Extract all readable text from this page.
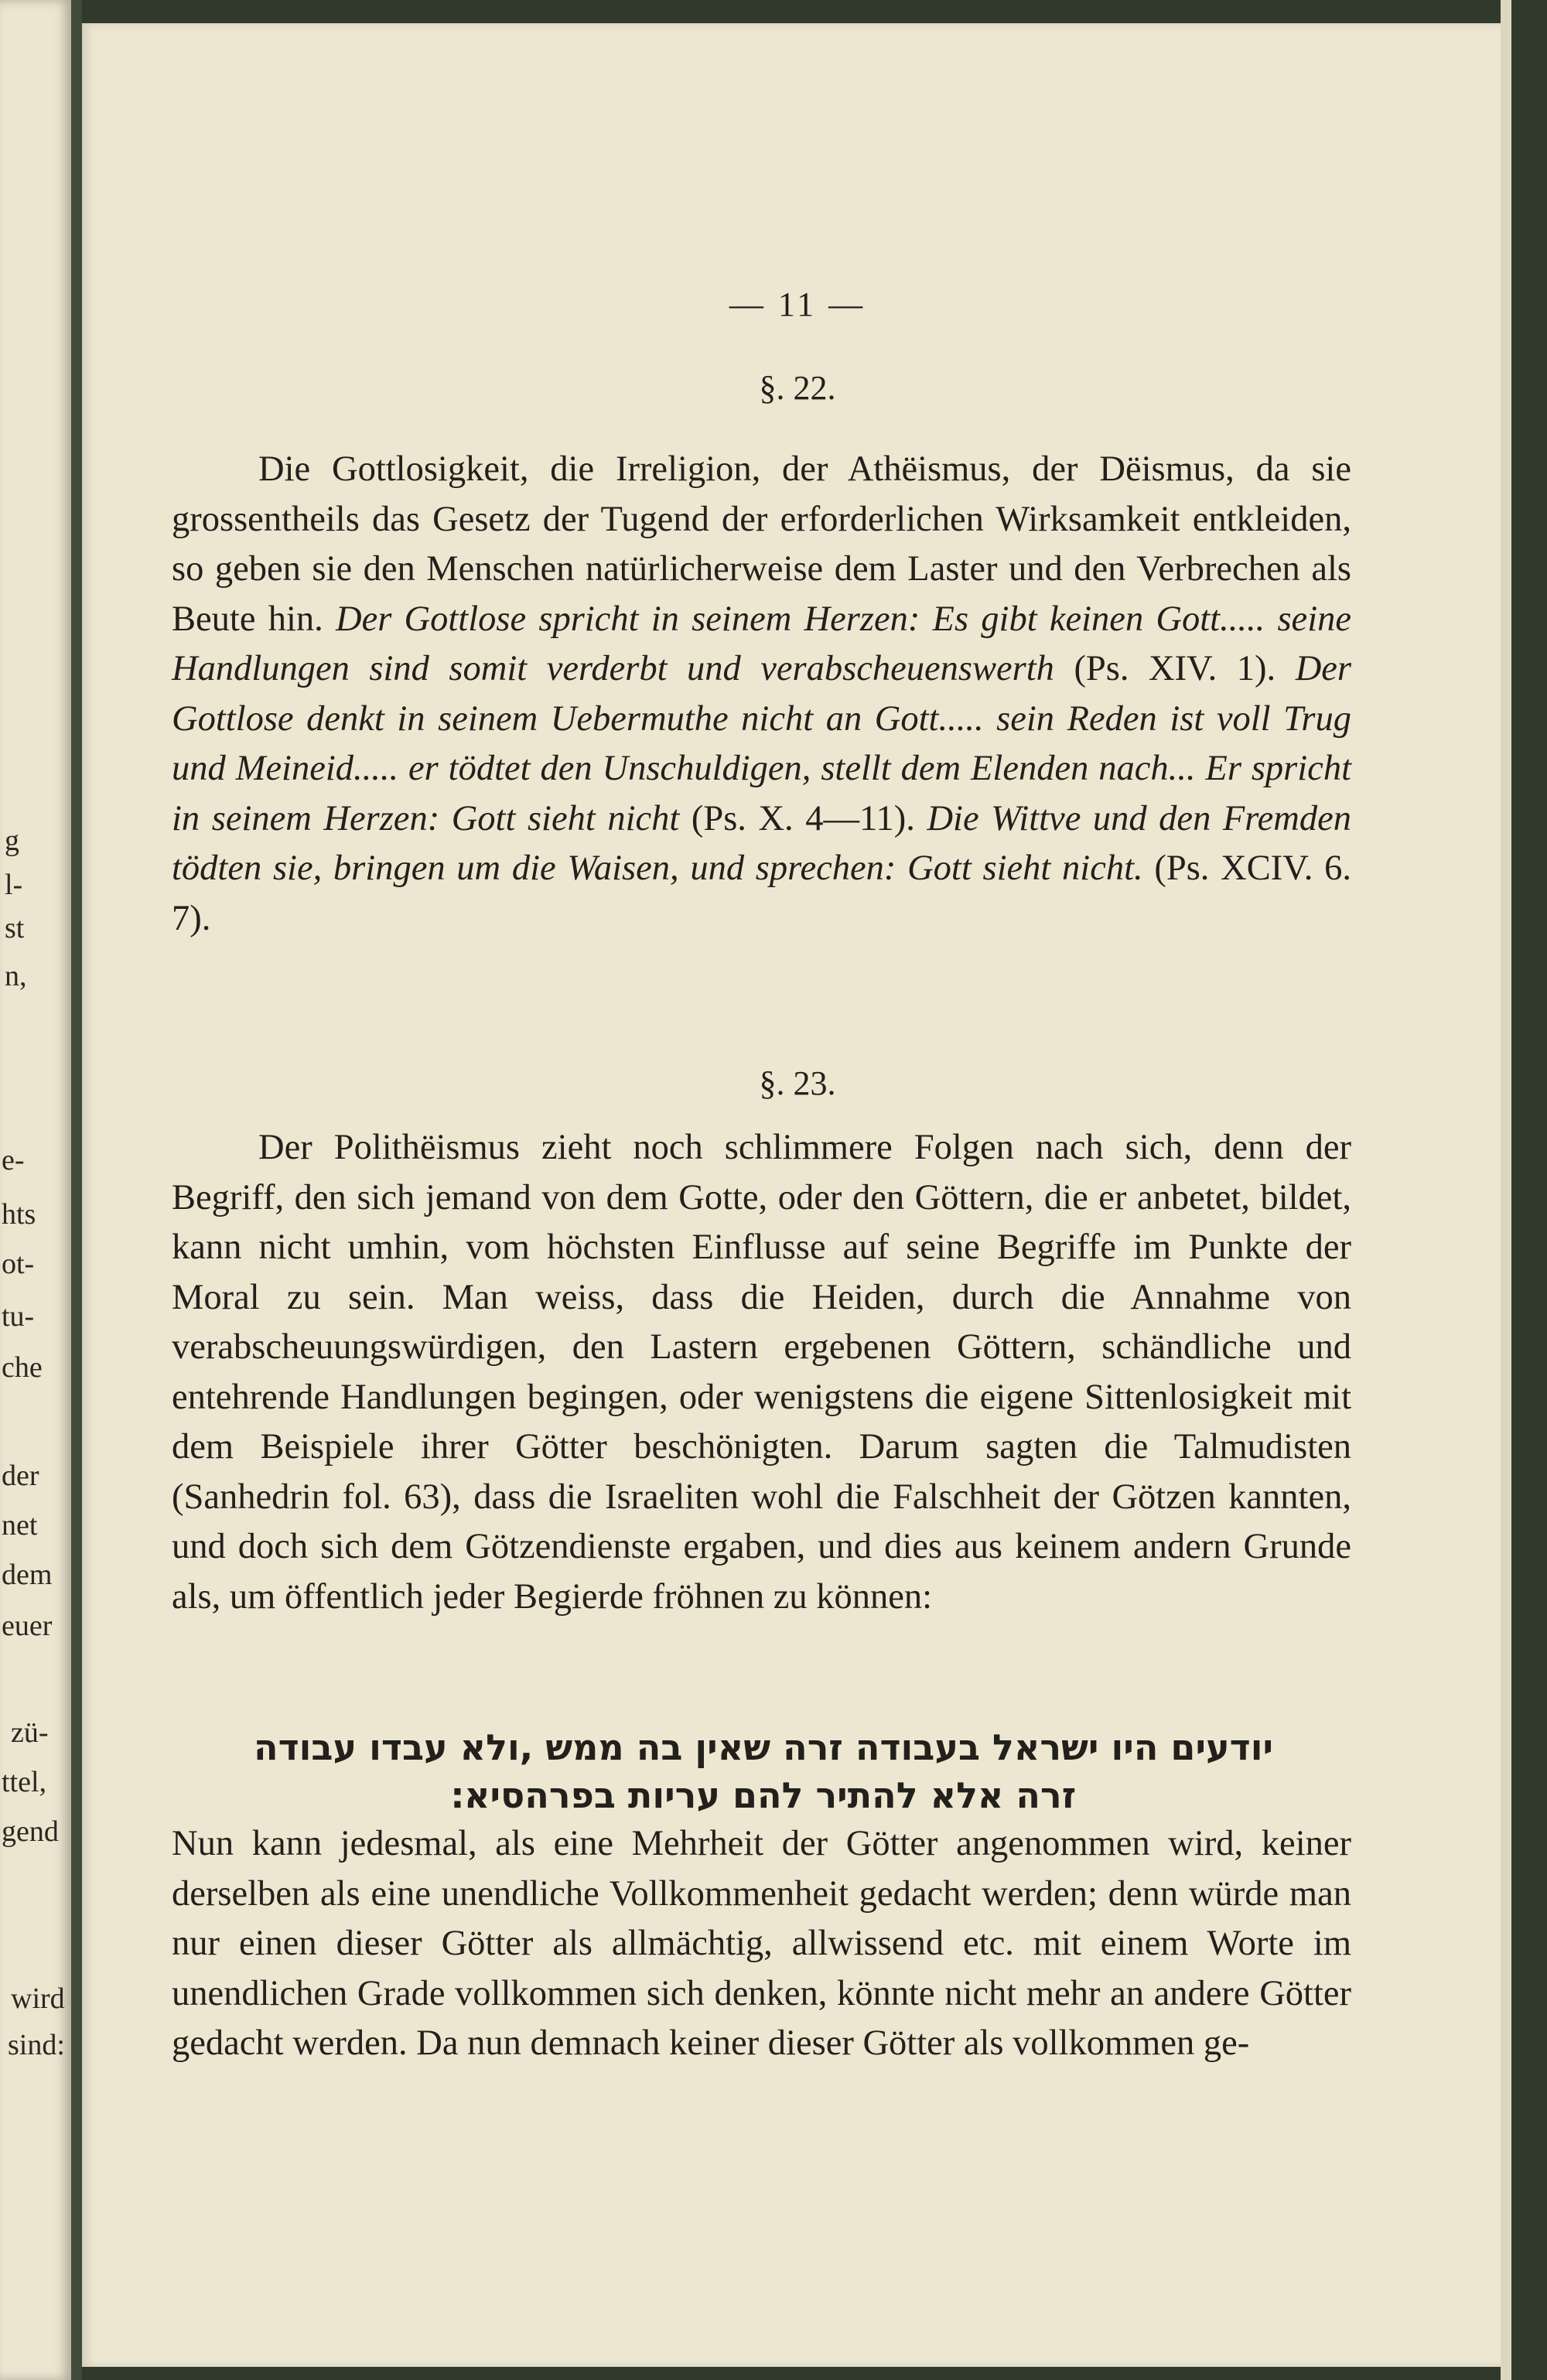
g
l-
st
n,
e-
hts
ot-
tu-
che
der
net
dem
euer
zü-
ttel,
gend
wird
sind:
— 11 —
§. 22.

Die Gottlosigkeit, die Irreligion, der Athëismus, der Dëismus, da sie grossentheils das Gesetz der Tugend der erforderlichen Wirksamkeit entkleiden, so geben sie den Menschen natürlicherweise dem Laster und den Verbrechen als Beute hin. Der Gottlose spricht in seinem Herzen: Es gibt keinen Gott..... seine Handlungen sind somit verderbt und verabscheuenswerth (Ps. XIV. 1). Der Gottlose denkt in seinem Uebermuthe nicht an Gott..... sein Reden ist voll Trug und Meineid..... er tödtet den Unschuldigen, stellt dem Elenden nach... Er spricht in seinem Herzen: Gott sieht nicht (Ps. X. 4—11). Die Wittve und den Fremden tödten sie, bringen um die Waisen, und sprechen: Gott sieht nicht. (Ps. XCIV. 6. 7).

§. 23.

Der Polithëismus zieht noch schlimmere Folgen nach sich, denn der Begriff, den sich jemand von dem Gotte, oder den Göttern, die er anbetet, bildet, kann nicht umhin, vom höchsten Einflusse auf seine Begriffe im Punkte der Moral zu sein. Man weiss, dass die Heiden, durch die Annahme von verabscheuungswürdigen, den Lastern ergebenen Göttern, schändliche und entehrende Handlungen begingen, oder wenigstens die eigene Sittenlosigkeit mit dem Beispiele ihrer Götter beschönigten. Darum sagten die Talmudisten (Sanhedrin fol. 63), dass die Israeliten wohl die Falschheit der Götzen kannten, und doch sich dem Götzendienste ergaben, und dies aus keinem andern Grunde als, um öffentlich jeder Begierde fröhnen zu können:

יודעים היו ישראל בעבודה זרה שאין בה ממש ,ולא עבדו עבודה
זרה אלא להתיר להם עריות בפרהסיא׃

Nun kann jedesmal, als eine Mehrheit der Götter angenommen wird, keiner derselben als eine unendliche Vollkommenheit gedacht werden; denn würde man nur einen dieser Götter als allmächtig, allwissend etc. mit einem Worte im unendlichen Grade vollkommen sich denken, könnte nicht mehr an andere Götter gedacht werden. Da nun demnach keiner dieser Götter als vollkommen ge-
